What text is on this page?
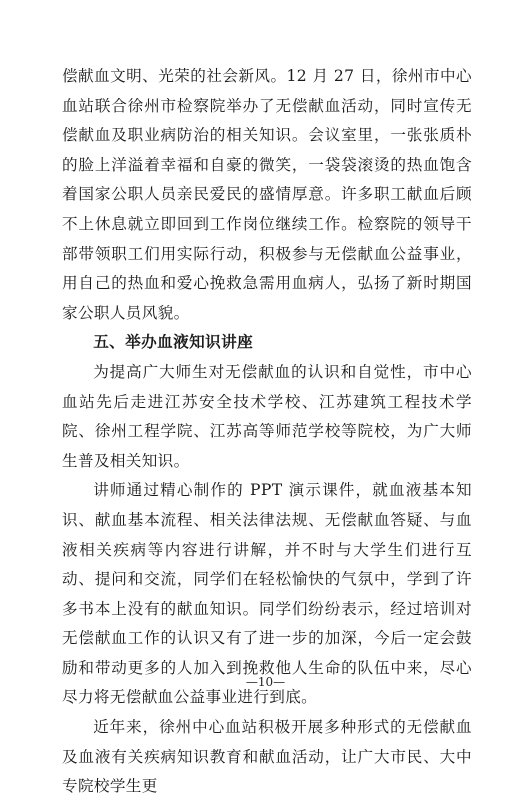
偿献血文明、光荣的社会新风。12 月 27 日，徐州市中心血站联合徐州市检察院举办了无偿献血活动，同时宣传无偿献血及职业病防治的相关知识。会议室里，一张张质朴的脸上洋溢着幸福和自豪的微笑，一袋袋滚烫的热血饱含着国家公职人员亲民爱民的盛情厚意。许多职工献血后顾不上休息就立即回到工作岗位继续工作。检察院的领导干部带领职工们用实际行动，积极参与无偿献血公益事业，用自己的热血和爱心挽救急需用血病人，弘扬了新时期国家公职人员风貌。

五、举办血液知识讲座

为提高广大师生对无偿献血的认识和自觉性，市中心血站先后走进江苏安全技术学校、江苏建筑工程技术学院、徐州工程学院、江苏高等师范学校等院校，为广大师生普及相关知识。

讲师通过精心制作的 PPT 演示课件，就血液基本知识、献血基本流程、相关法律法规、无偿献血答疑、与血液相关疾病等内容进行讲解，并不时与大学生们进行互动、提问和交流，同学们在轻松愉快的气氛中，学到了许多书本上没有的献血知识。同学们纷纷表示，经过培训对无偿献血工作的认识又有了进一步的加深，今后一定会鼓励和带动更多的人加入到挽救他人生命的队伍中来，尽心尽力将无偿献血公益事业进行到底。

近年来，徐州中心血站积极开展多种形式的无偿献血及血液有关疾病知识教育和献血活动，让广大市民、大中专院校学生更

—10—
